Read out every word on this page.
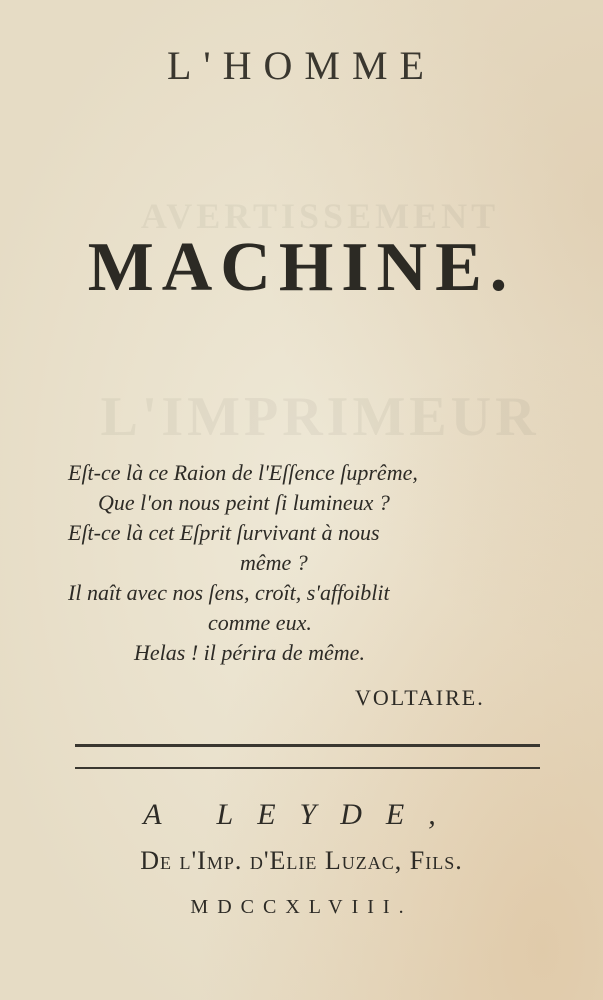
AVERTISSEMENT
L'IMPRIMEUR
L'HOMME
MACHINE.
Eſt-ce là ce Raion de l'Eſſence ſuprême,
Que l'on nous peint ſi lumineux ?
Eſt-ce là cet Eſprit ſurvivant à nous
même ?
Il naît avec nos ſens, croît, s'affoiblit
comme eux.
Helas ! il périra de même.
VOLTAIRE.
A LEYDE,
De l'Imp. d'Elie Luzac, Fils.
MDCCXLVIII.
